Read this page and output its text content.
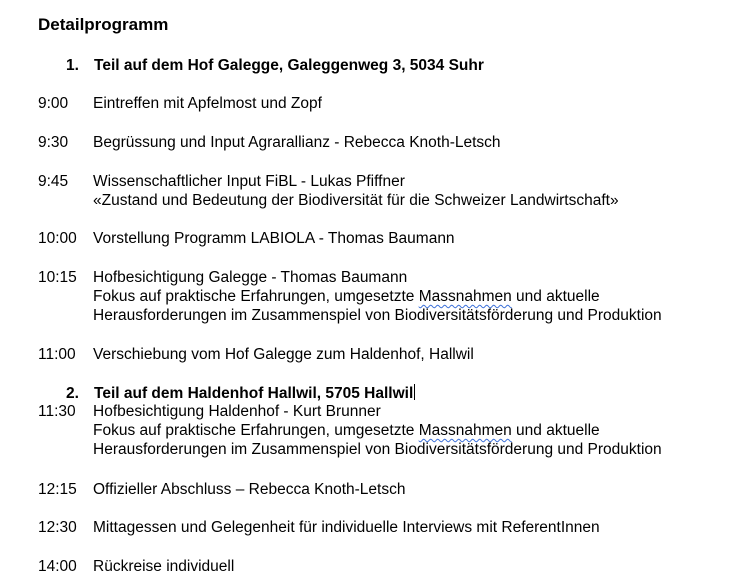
Detailprogramm
1. Teil auf dem Hof Galegge, Galeggenweg 3, 5034 Suhr
9:00 Eintreffen mit Apfelmost und Zopf
9:30 Begrüssung und Input Agrarallianz - Rebecca Knoth-Letsch
9:45 Wissenschaftlicher Input FiBL - Lukas Pfiffner
«Zustand und Bedeutung der Biodiversität für die Schweizer Landwirtschaft»
10:00 Vorstellung Programm LABIOLA - Thomas Baumann
10:15 Hofbesichtigung Galegge - Thomas Baumann
Fokus auf praktische Erfahrungen, umgesetzte Massnahmen und aktuelle
Herausforderungen im Zusammenspiel von Biodiversitätsförderung und Produktion
11:00 Verschiebung vom Hof Galegge zum Haldenhof, Hallwil
2. Teil auf dem Haldenhof Hallwil, 5705 Hallwil
11:30 Hofbesichtigung Haldenhof - Kurt Brunner
Fokus auf praktische Erfahrungen, umgesetzte Massnahmen und aktuelle
Herausforderungen im Zusammenspiel von Biodiversitätsförderung und Produktion
12:15 Offizieller Abschluss – Rebecca Knoth-Letsch
12:30 Mittagessen und Gelegenheit für individuelle Interviews mit ReferentInnen
14:00 Rückreise individuell
